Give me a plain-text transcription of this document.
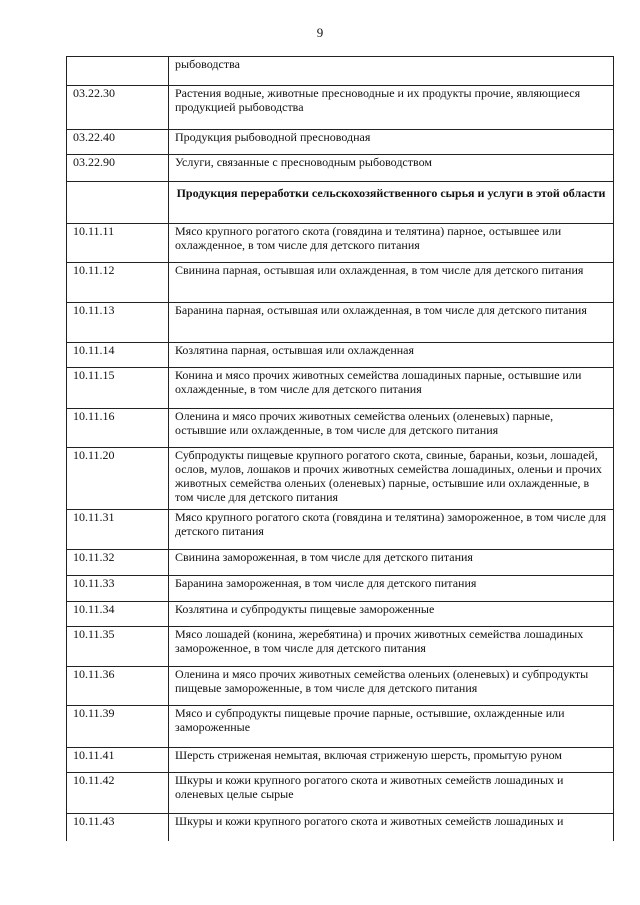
9
	рыбоводства
03.22.30	Растения водные, животные пресноводные и их продукты прочие, являющиеся продукцией рыбоводства
03.22.40	Продукция рыбоводной пресноводная
03.22.90	Услуги, связанные с пресноводным рыбоводством
	Продукция переработки сельскохозяйственного сырья и услуги в этой области
10.11.11	Мясо крупного рогатого скота (говядина и телятина) парное, остывшее или охлажденное, в том числе для детского питания
10.11.12	Свинина парная, остывшая или охлажденная, в том числе для детского питания
10.11.13	Баранина парная, остывшая или охлажденная, в том числе для детского питания
10.11.14	Козлятина парная, остывшая или охлажденная
10.11.15	Конина и мясо прочих животных семейства лошадиных парные, остывшие или охлажденные, в том числе для детского питания
10.11.16	Оленина и мясо прочих животных семейства оленьих (оленевых) парные, остывшие или охлажденные, в том числе для детского питания
10.11.20	Субпродукты пищевые крупного рогатого скота, свиные, бараньи, козьи, лошадей, ослов, мулов, лошаков и прочих животных семейства лошадиных, оленьи и прочих животных семейства оленьих (оленевых) парные, остывшие или охлажденные, в том числе для детского питания
10.11.31	Мясо крупного рогатого скота (говядина и телятина) замороженное, в том числе для детского питания
10.11.32	Свинина замороженная, в том числе для детского питания
10.11.33	Баранина замороженная, в том числе для детского питания
10.11.34	Козлятина и субпродукты пищевые замороженные
10.11.35	Мясо лошадей (конина, жеребятина) и прочих животных семейства лошадиных замороженное, в том числе для детского питания
10.11.36	Оленина и мясо прочих животных семейства оленьих (оленевых) и субпродукты пищевые замороженные, в том числе для детского питания
10.11.39	Мясо и субпродукты пищевые прочие парные, остывшие, охлажденные или замороженные
10.11.41	Шерсть стриженая немытая, включая стриженую шерсть, промытую руном
10.11.42	Шкуры и кожи крупного рогатого скота и животных семейств лошадиных и оленевых целые сырые
10.11.43	Шкуры и кожи крупного рогатого скота и животных семейств лошадиных и
